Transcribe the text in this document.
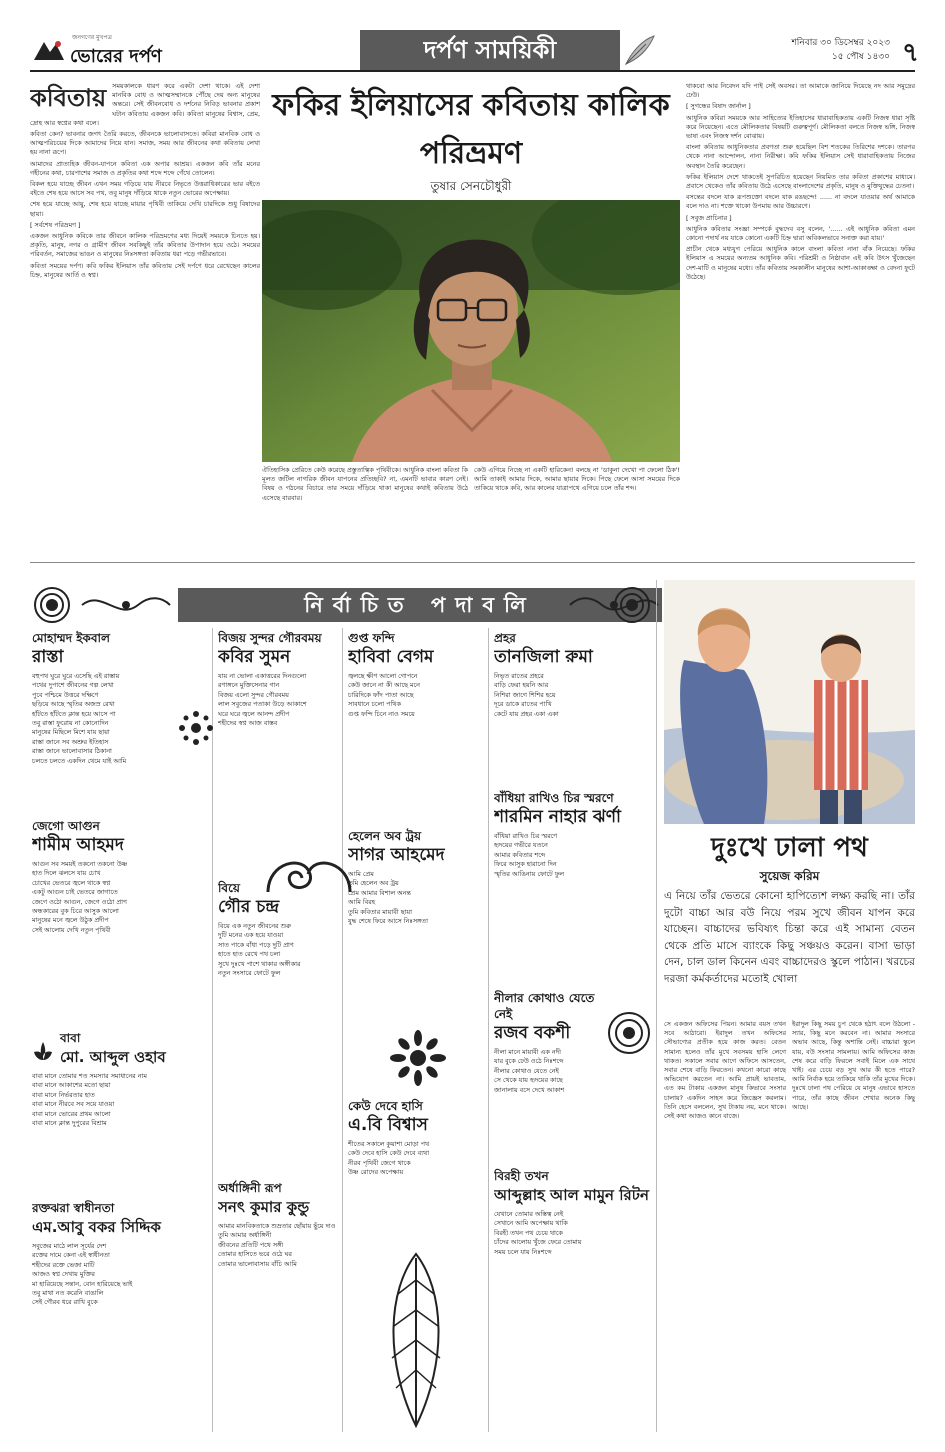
জনগণের মুখপত্র
ভোরের দর্পণ	দর্পণ সাময়িকী	শনিবার ৩০ ডিসেম্বর ২০২৩
১৫ পৌষ ১৪৩০ ৭
কবিতায় সময়কালকে ধারণ করে একটা দেশা থাকে। এই দেশা মানবিক বোধ ও আত্মসম্মানকে পৌঁছে দেয় অন্য মানুষের অন্তরে। সেই জীবনবোধ ও দর্শনের নিবিড় ভাবনার প্রকাশ ঘটান কবিতায় একজন কবি। কবিতা মানুষের বিশ্বাস, প্রেম, দ্রোহ আর স্বপ্নের কথা বলে।

কবিতা কেন? ভাবনার জগৎ তৈরি করতে, জীবনকে ভালোবাসতে। কবিরা মানবিক বোধ ও আত্মপরিচয়ের দিকে আমাদের নিয়ে যান। সমাজ, সময় আর জীবনের কথা কবিতায় লেখা হয় নানা রূপে।

আমাদের প্রাত্যহিক জীবন-যাপনে কবিতা এক অপার আশ্রয়। একজন কবি তাঁর মনের গহীনের কথা, চারপাশের সমাজ ও প্রকৃতির কথা শব্দে শব্দে গেঁথে তোলেন।

বিকল হয়ে যাচ্ছে জীবন এখন সময় গড়িয়ে যায় নীরবে নিভৃতে উত্তরাধিকারের ভার বইতে বইতে শেষ হয়ে আসে সব পথ, তবু মানুষ দাঁড়িয়ে থাকে নতুন ভোরের অপেক্ষায়।

শেষ হয়ে যাচ্ছে আয়ু, শেষ হয়ে যাচ্ছে মায়ার পৃথিবী তাকিয়ে দেখি চারদিকে শুধু বিষাদের ছায়া।

[ সর্বশেষ পরিভ্রমণ ]

একজন আধুনিক কবিকে তার জীবনে কালিক পরিভ্রমণের মধ্য দিয়েই সময়কে চিনতে হয়। প্রকৃতি, মানুষ, নগর ও গ্রামীণ জীবন সবকিছুই তাঁর কবিতার উপাদান হয়ে ওঠে। সময়ের পরিবর্তন, সমাজের ভাঙন ও মানুষের নিঃসঙ্গতা কবিতায় ধরা পড়ে গভীরভাবে।

কবিতা সময়ের দর্পণ। কবি ফকির ইলিয়াস তাঁর কবিতায় সেই দর্পণে ধরে রেখেছেন কালের চিহ্ন, মানুষের আর্তি ও স্বপ্ন।

ফকির ইলিয়াসের কবিতায় কালিক পরিভ্রমণ
তুষার সেনচৌধুরী
ঐতিহাসিক প্রেরিতে কেউ করেছে প্রস্তুতাত্বিক পৃথিবীকে। আধুনিক বাংলা কবিতা কি মূলত জটিল নাগরিক জীবন যাপনের প্রতিচ্ছবি? না, এমনটি ভাবার কারণ নেই। বিষয় ও গঠনের বিচারে তার সময়ে দাঁড়িয়ে থাকা মানুষের কথাই কবিতায় উঠে এসেছে বারবার।
কেউ এগিয়ে নিচ্ছে না একটি হারিকেন! বলছে না 'ডাকুনা দেখো পা ফেলো ঠিক'! আমি তাকাই আমার দিকে, আমার ছায়ার দিকে। পিছে ফেলে আসা সময়ের দিকে তাকিয়ে থাকে কবি, আর কালের যাত্রাপথে এগিয়ে চলে তাঁর শব্দ।

থাকবো আর নিবেদন যদি পাই সেই অবসর। তা আমাকে জানিয়ে দিয়েছে নদ আর সমুদ্রের ঢেউ।

[ সুগন্ধের বিষাদ জার্নাল ]

আধুনিক কবিরা সময়কে আর সাহিত্যের ইতিহাসের ধারাবাহিকতায় একটি নিজস্ব ধারা সৃষ্টি করে নিয়েছেন। এতে মৌলিকতার বিষয়টি গুরুত্বপূর্ণ। মৌলিকতা বলতে নিজস্ব ভঙ্গি, নিজস্ব ভাষা এবং নিজস্ব দর্শন বোঝায়।

বাংলা কবিতায় আধুনিকতার প্রবণতা শুরু হয়েছিল বিশ শতকের তিরিশের দশকে। তারপর থেকে নানা আন্দোলন, নানা নিরীক্ষা। কবি ফকির ইলিয়াস সেই ধারাবাহিকতায় নিজের অবস্থান তৈরি করেছেন।

ফকির ইলিয়াস দেশে থাকতেই সুপরিচিত হয়েছেন নিয়মিত তার কবিতা প্রকাশের মাধ্যমে। প্রবাসে থেকেও তাঁর কবিতায় উঠে এসেছে বাংলাদেশের প্রকৃতি, মানুষ ও মুক্তিযুদ্ধের চেতনা।

বসন্তের বদলে যাক রূপশুক্তো বদলে যাক রঙছন্দে! ...... না বদলে যাওয়ার অর্থ আমাকে বলে দাও না। শক্তে থাকো উপমায় আর উচ্চারণে।

[ সবুজ প্রাচিনার ]

আধুনিক কবিতার সংজ্ঞা সম্পর্কে বুদ্ধদেব বসু বলেন, '...... এই আধুনিক কবিতা এমন কোনো পদার্থ নয় যাকে কোনো একটি চিহ্ন দ্বারা অবিকলভাবে সনাক্ত করা যায়।'

প্রাচীন থেকে মধ্যযুগ পেরিয়ে আধুনিক কালে বাংলা কবিতা নানা বাঁক নিয়েছে। ফকির ইলিয়াস এ সময়ের অন্যতম আধুনিক কবি। পরিশ্রমী ও নিষ্ঠাবান এই কবি উৎস খুঁজেছেন দেশ-মাটি ও মানুষের মধ্যে। তাঁর কবিতায় সমকালীন মানুষের আশা-আকাঙ্ক্ষা ও বেদনা ফুটে উঠেছে।

নির্বাচিত পদাবলি
মোহাম্মদ ইকবাল
রাস্তা
বহুপথ ঘুরে ঘুরে এসেছি এই রাস্তায়
পথের দুপাশে জীবনের গল্প লেখা
পুবে পশ্চিমে উত্তরে দক্ষিণে
ছড়িয়ে আছে স্মৃতির অজস্র রেখা
হাঁটতে হাঁটতে ক্লান্ত হয়ে আসে পা
তবু রাস্তা ফুরোয় না কোনোদিন
মানুষের মিছিলে মিশে যায় ছায়া
রাস্তা জানে সব অশ্রুর ইতিহাস
রাস্তা জানে ভালোবাসার ঠিকানা
চলতে চলতে একদিন থেমে যাই আমি
জেগো আগুন
শামীম আহমদ
আগুন সব সময়ই তকনো তকনো উষ্ণ
হাত দিলে ঝলসে যায় চোখ
চোখের ভেতরে জ্বলে থাকে স্বপ্ন
একটু আগুন চাই ভেতরে জাগাতে
জেগে ওঠো আগুন, জেগে ওঠো প্রাণ
অন্ধকারের বুক চিরে আসুক আলো
মানুষের মনে জ্বলে উঠুক প্রদীপ
সেই আলোয় দেখি নতুন পৃথিবী
বাবা
মো. আব্দুল ওহাব
বাবা মানে তোমার শত সমস্যার সমাধানের নাম
বাবা মানে আকাশের মতো ছায়া
বাবা মানে নির্ভরতার হাত
বাবা মানে নীরবে সব সয়ে যাওয়া
বাবা মানে ভোরের প্রথম আলো
বাবা মানে ক্লান্ত দুপুরের বিশ্রাম
রক্তঝরা স্বাধীনতা
এম.আবু বকর সিদ্দিক
সবুজের মাঠে লাল সূর্যের দেশ
রক্তের দামে কেনা এই স্বাধীনতা
শহীদের রক্তে ভেজা মাটি
আজও স্বপ্ন দেখায় মুক্তির
মা হারিয়েছে সন্তান, বোন হারিয়েছে ভাই
তবু মাথা নত করেনি বাঙালি
সেই গৌরব ধরে রাখি বুকে
বিজয় সুন্দর গৌরবময়
কবির সুমন
যায় না ভোলা একাত্তরের দিনগুলো
রণাঙ্গনে মুক্তিসেনার গান
বিজয় এলো সুন্দর গৌরবময়
লাল সবুজের পতাকা উড়ে আকাশে
ঘরে ঘরে জ্বলে আনন্দ প্রদীপ
শহীদের স্বপ্ন আজ বাস্তব
বিয়ে
গৌর চন্দ্র
বিয়ে এক নতুন জীবনের শুরু
দুটি মনের এক হয়ে যাওয়া
সাত পাকে বাঁধা পড়ে দুটি প্রাণ
হাতে হাত রেখে পথ চলা
সুখে দুঃখে পাশে থাকার অঙ্গীকার
নতুন সংসারে ফোটে ফুল
অর্ধাঙ্গিনী রূপ
সনৎ কুমার কুন্ডু
আমার মানবিকতাকে শুভ্রতার ছোঁয়ায় ছুঁয়ে দাও
তুমি আমার অর্ধাঙ্গিনী
জীবনের প্রতিটি পথে সঙ্গী
তোমার হাসিতে ভরে ওঠে ঘর
তোমার ভালোবাসায় বাঁচি আমি
গুপ্ত ফন্দি
হাবিবা বেগম
জ্বলছে ক্ষীণ আলো গোপনে
কেউ জানে না কী আছে মনে
চারিদিকে ফাঁদ পাতা আছে
সাবধানে চলো পথিক
গুপ্ত ফন্দি চিনে নাও সময়ে
হেলেন অব ট্রয়
সাগর আহমেদ
আমি প্রেম
তুমি হেলেন অব ট্রয়
প্রেম আমার বিশাল অনন্ত
আমি বিরহ
তুমি কবিতার মায়াবী ছায়া
যুদ্ধ শেষে ফিরে আসে নিঃসঙ্গতা
কেউ দেবে হাসি
এ.বি বিশ্বাস
শীতের সকালে কুয়াশা মোড়া পথ
কেউ দেবে হাসি কেউ দেবে ব্যথা
নীরব পৃথিবী জেগে থাকে
উষ্ণ রোদের অপেক্ষায়
প্রহর
তানজিলা রুমা
নিভৃত রাতের প্রহরে
বাড়ি ফেরা হয়নি আর
নিশিরা জাগে শিশির হয়ে
দূরে ডাকে রাতের পাখি
কেটে যায় প্রহর একা একা
বাঁধিয়া রাখিও চির স্মরণে
শারমিন নাহার ঝর্ণা
বাঁধিয়া রাখিও চির স্মরণে
হৃদয়ের গভীরে যতনে
আমার কবিতার শব্দে
ফিরে আসুক হারানো দিন
স্মৃতির আঙিনায় ফোটে ফুল
নীলার কোথাও যেতে নেই
রজব বকশী
নীলা মানে মায়াবী এক নদী
যার বুকে ঢেউ ওঠে নিঃশব্দে
নীলার কোথাও যেতে নেই
সে থেকে যায় হৃদয়ের কাছে
জানালায় বসে দেখে আকাশ
বিরহী তখন
আব্দুল্লাহ আল মামুন রিটন
যেখানে তোমার অস্তিত্ব নেই
সেখানে আমি অপেক্ষায় থাকি
বিরহী তখন পথ চেয়ে থাকে
চাঁদের আলোয় খুঁজে ফেরে তোমায়
সময় চলে যায় নিঃশব্দে
দুঃখে ঢালা পথ
সুয়েজ করিম
এ নিয়ে তাঁর ভেতরে কোনো হাপিত্যেশ লক্ষ্য করছি না। তাঁর দুটো বাচ্চা আর বউ নিয়ে পরম সুখে জীবন যাপন করে যাচ্ছেন। বাচ্চাদের ভবিষ্যৎ চিন্তা করে এই সামান্য বেতন থেকে প্রতি মাসে ব্যাংকে কিছু সঞ্চয়ও করেন। বাসা ভাড়া দেন, চাল ডাল কিনেন এবং বাচ্চাদেরও স্কুলে পাঠান। খরচের দরজা কর্মকর্তাদের মতোই খোলা
সে একজন অফিসের পিয়ন। আমার বয়স তখন সবে আঠারো। ইরাদুল তখন অফিসের সৌভাগ্যের প্রতীক হয়ে কাজ করত। বেতন সামান্য হলেও তাঁর মুখে সবসময় হাসি লেগে থাকত। সকালে সবার আগে অফিসে আসতেন, সবার শেষে বাড়ি ফিরতেন। কখনো কারো কাছে অভিযোগ করতেন না। আমি প্রায়ই ভাবতাম, এত কম টাকায় একজন মানুষ কিভাবে সংসার চালায়? একদিন সাহস করে জিজ্ঞেস করলাম। তিনি হেসে বললেন, সুখ টাকায় নয়, মনে থাকে। সেই কথা আজও কানে বাজে।
ইরাদুল কিছু সময় চুপ থেকে হঠাৎ বলে উঠলো - স্যার, কিছু মনে করবেন না। আমার সংসারে অভাব আছে, কিন্তু অশান্তি নেই। বাচ্চারা স্কুলে যায়, বউ সংসার সামলায়। আমি অফিসের কাজ শেষ করে বাড়ি ফিরলে সবাই মিলে এক সাথে খাই। এর চেয়ে বড় সুখ আর কী হতে পারে? আমি নির্বাক হয়ে তাকিয়ে থাকি তাঁর মুখের দিকে। দুঃখে ঢালা পথ পেরিয়ে যে মানুষ এভাবে হাসতে পারে, তাঁর কাছে জীবন শেখার অনেক কিছু আছে।
